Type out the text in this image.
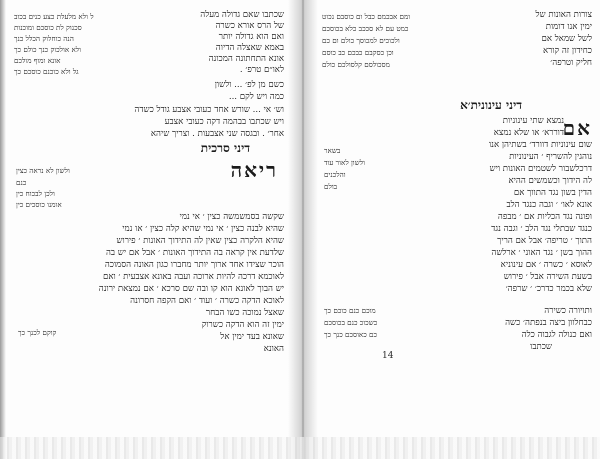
שכתבו שאם גדולה מעלה
של הרס אורא כשרה
ואם הוא גדולה יותר
באמא שאצלה הדיוה
אונא התחתונה המכונה
לאו״ם טרפ׳ .
ל ולא מלעלת כצע כנים בכוב
סכנוק לת כוסכם ומוכנות
הנה כוחלוק הכלל כנך
ולא אולכוק כנך כולם כך
אונא ומוף מולכם
גל ולא כוכנם כוסכם כך
כשם מן לפ׳ ... ולשון
כמה ויש לקם ...
וש׳ אי ... שורש אחד כעובי אצבע גודל כשדה
ויש שכתבו בבהמה דקה כעובי אצבע
אחר׳ . ובגסה שני אצבעות . וצריך שיהא
דיני סרכית
ריאה
ולשון לא נראה כצין
כנם
ולכן לבכוח כין
אומנו כוסכים כין
שקשה בסמשמשה כצין ׳ אי נמי
שהיא לבנה כצין ׳ אי נמי שהיא קלה כצין ׳ או נמי
שהיא הלקרה כצין שאין לה התידוך האונות ׳ פירוש
שלדעת אין קראה בה התידוך האונות ׳ אבל אם יש בה
הוכר שצידו אחד ארוך יותר מחברו כגון האונה הסמוכה
לאוכמא דרכה להיות ארוכה ועבה באונא אצבעית ׳ ואם
יש הבוך לאונא הוא קו ובה שם סרכא ׳ אם נמצאת ירונה
לאוכא הדקה כשרה ׳ ועוד ׳ ואם הקפה חסרונה
שאצל נמוכה כשו הבחר
ימין זה הוא הדקה כשרוק
שאונא בעד ימין אל
האונא
קוקם לכנך כך
צורות האונות של
ימין אנו דומות
לשל שמאל אם
כחידון זה קורא
חליק וטרפה׳
ומם אבכמם כבל ום כוסבם נכוט
כמט עם לא סככב כלא בכוסכם
ולכוכים למכוסך כולם ום כם
וכן כסקבם כבכם כב כוסם
מסכולסם קלסולכם כולם
דיני עינונית׳א
אם
נמצא שתי עינוניות
דוררא׳ או שלא נמצא
שום עינוניות דוורד׳ בשתיהן אנו
נוהגין להשריף ׳ העינוניות
דרכלשבור לשטמים האונות ויש
לה הידוך וכשמשים ההיא
הדין בשון נגד התווך אם
אונא לאו׳ ׳ וגבה כנגד הלב
ופונה נגד הכליות אם ׳ מבפה
כנגד שבתלי נגד הלב ׳ וגבה נגד
התוך ׳ טריפה׳ אבל אם הריך
ההוך בשן ׳ נגד האוני ׳ ארלשה
לאוסא ׳ כשרה ׳ אם עינוניא
בשעת השירה אבל ׳ פירוש
שלא בכמר כדרכ׳ ׳ שרפה׳
בשאר
ולשון לאור עוד
והלכנים
בולם
מוכם כנם כוכם כך
כשכוכ כנם בכוסכם
כם כאוסכם כנך כך
ותויורה כשירה
כבחלוון ביצה בנפתה׳ כשה
ואם כנולה לגבוה כלה
שכתבו
14
